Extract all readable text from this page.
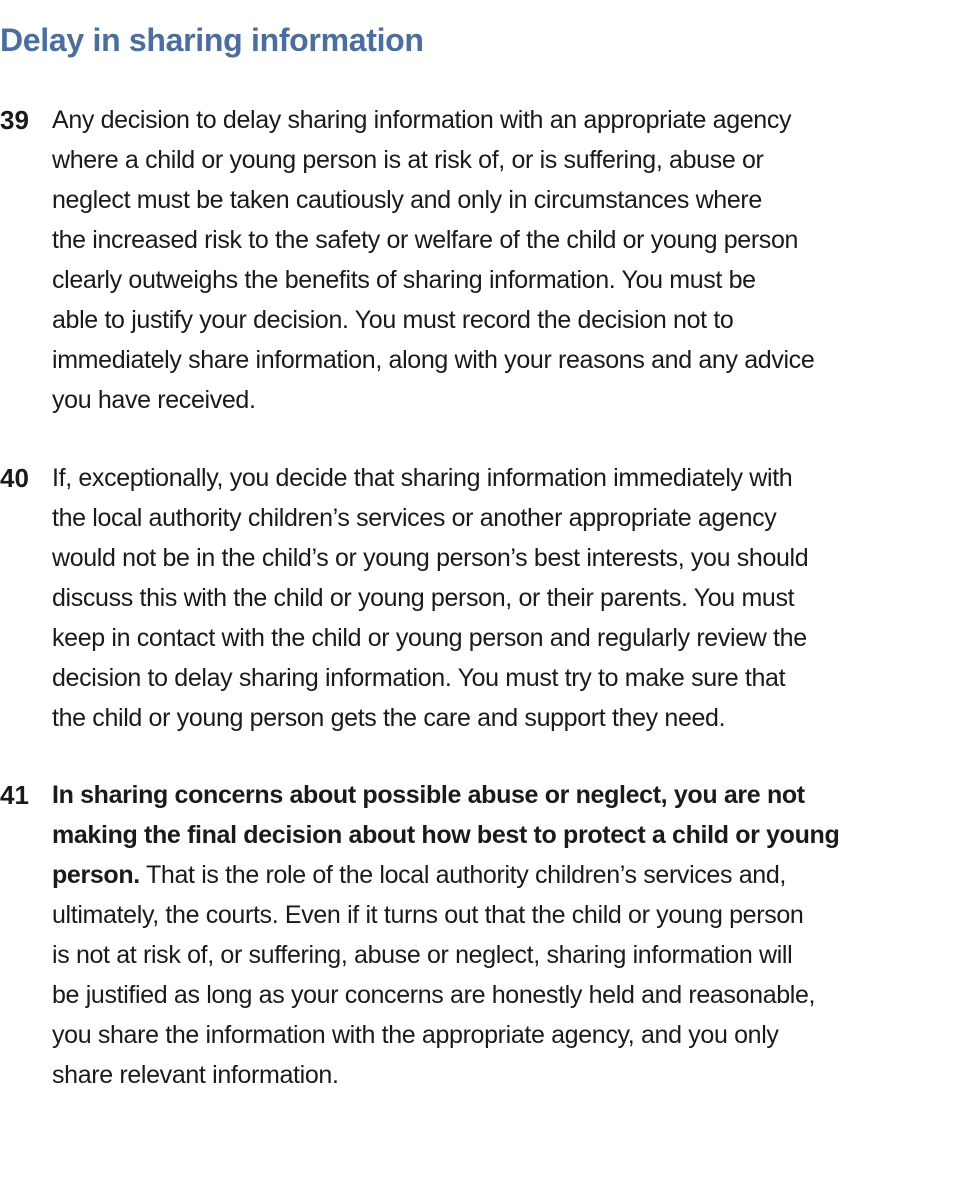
Delay in sharing information
39 Any decision to delay sharing information with an appropriate agency
where a child or young person is at risk of, or is suffering, abuse or
neglect must be taken cautiously and only in circumstances where
the increased risk to the safety or welfare of the child or young person
clearly outweighs the benefits of sharing information. You must be
able to justify your decision. You must record the decision not to
immediately share information, along with your reasons and any advice
you have received.

40 If, exceptionally, you decide that sharing information immediately with
the local authority children’s services or another appropriate agency
would not be in the child’s or young person’s best interests, you should
discuss this with the child or young person, or their parents. You must
keep in contact with the child or young person and regularly review the
decision to delay sharing information. You must try to make sure that
the child or young person gets the care and support they need.

41 In sharing concerns about possible abuse or neglect, you are not
making the final decision about how best to protect a child or young
person. That is the role of the local authority children’s services and,
ultimately, the courts. Even if it turns out that the child or young person
is not at risk of, or suffering, abuse or neglect, sharing information will
be justified as long as your concerns are honestly held and reasonable,
you share the information with the appropriate agency, and you only
share relevant information.
